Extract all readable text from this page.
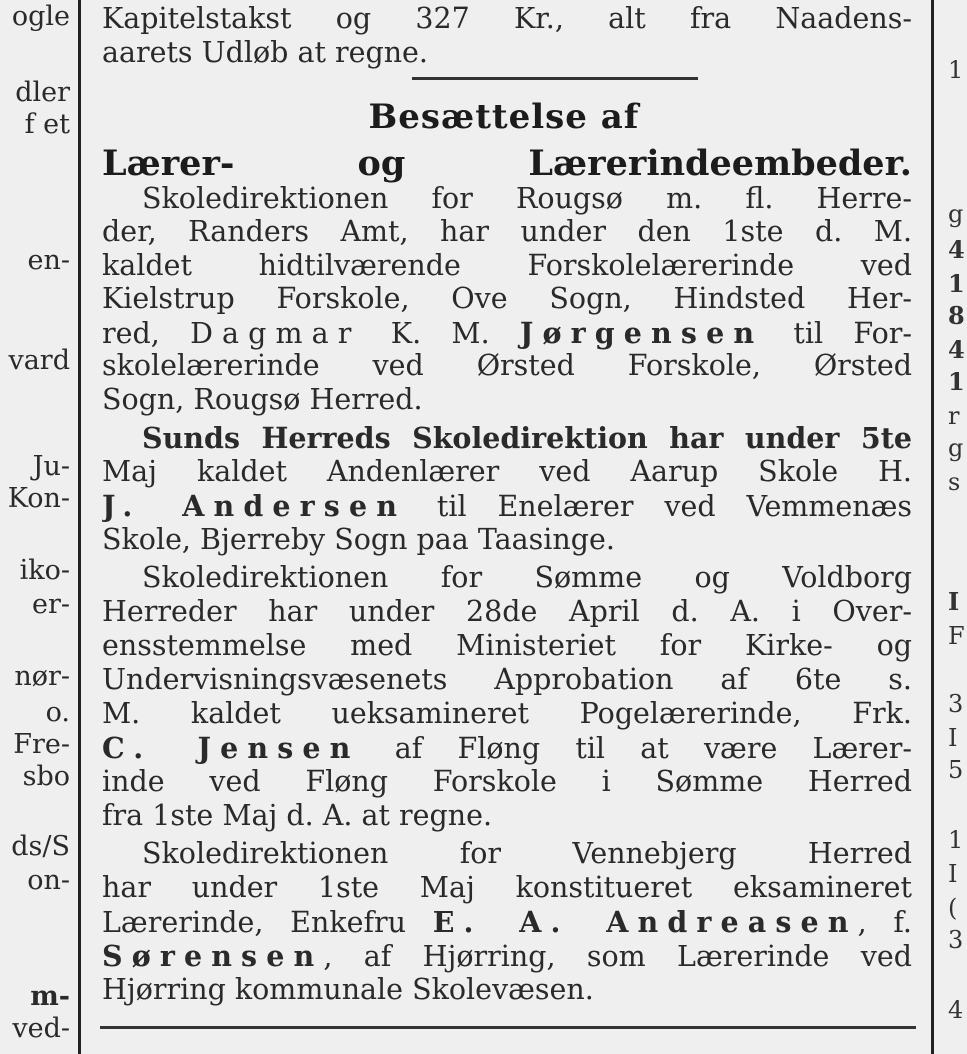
ogle
dler
f et
en-
vard
Ju-
Kon-
iko-
er-
nør-
o.
Fre-
sbo
ds/S
on-
m-
ved-
1
g
4
1
8
4
1
r
g
s
I
F
3
I
5
1
I
(
3
4
Kapitelstakst og 327 Kr., alt fra Naadens-
aarets Udløb at regne.
Besættelse af
Lærer- og Lærerindeembeder.
Skoledirektionen for Rougsø m. fl. Herre-
der, Randers Amt, har under den 1ste d. M.
kaldet hidtilværende Forskolelærerinde ved
Kielstrup Forskole, Ove Sogn, Hindsted Her-
red, Dagmar K. M. Jørgensen til For-
skolelærerinde ved Ørsted Forskole, Ørsted
Sogn, Rougsø Herred.
Sunds Herreds Skoledirektion har under 5te
Maj kaldet Andenlærer ved Aarup Skole H.
J. Andersen til Enelærer ved Vemmenæs
Skole, Bjerreby Sogn paa Taasinge.
Skoledirektionen for Sømme og Voldborg
Herreder har under 28de April d. A. i Over-
ensstemmelse med Ministeriet for Kirke- og
Undervisningsvæsenets Approbation af 6te s.
M. kaldet ueksamineret Pogelærerinde, Frk.
C. Jensen af Fløng til at være Lærer-
inde ved Fløng Forskole i Sømme Herred
fra 1ste Maj d. A. at regne.
Skoledirektionen for Vennebjerg Herred
har under 1ste Maj konstitueret eksamineret
Lærerinde, Enkefru E. A. Andreasen, f.
Sørensen, af Hjørring, som Lærerinde ved
Hjørring kommunale Skolevæsen.
